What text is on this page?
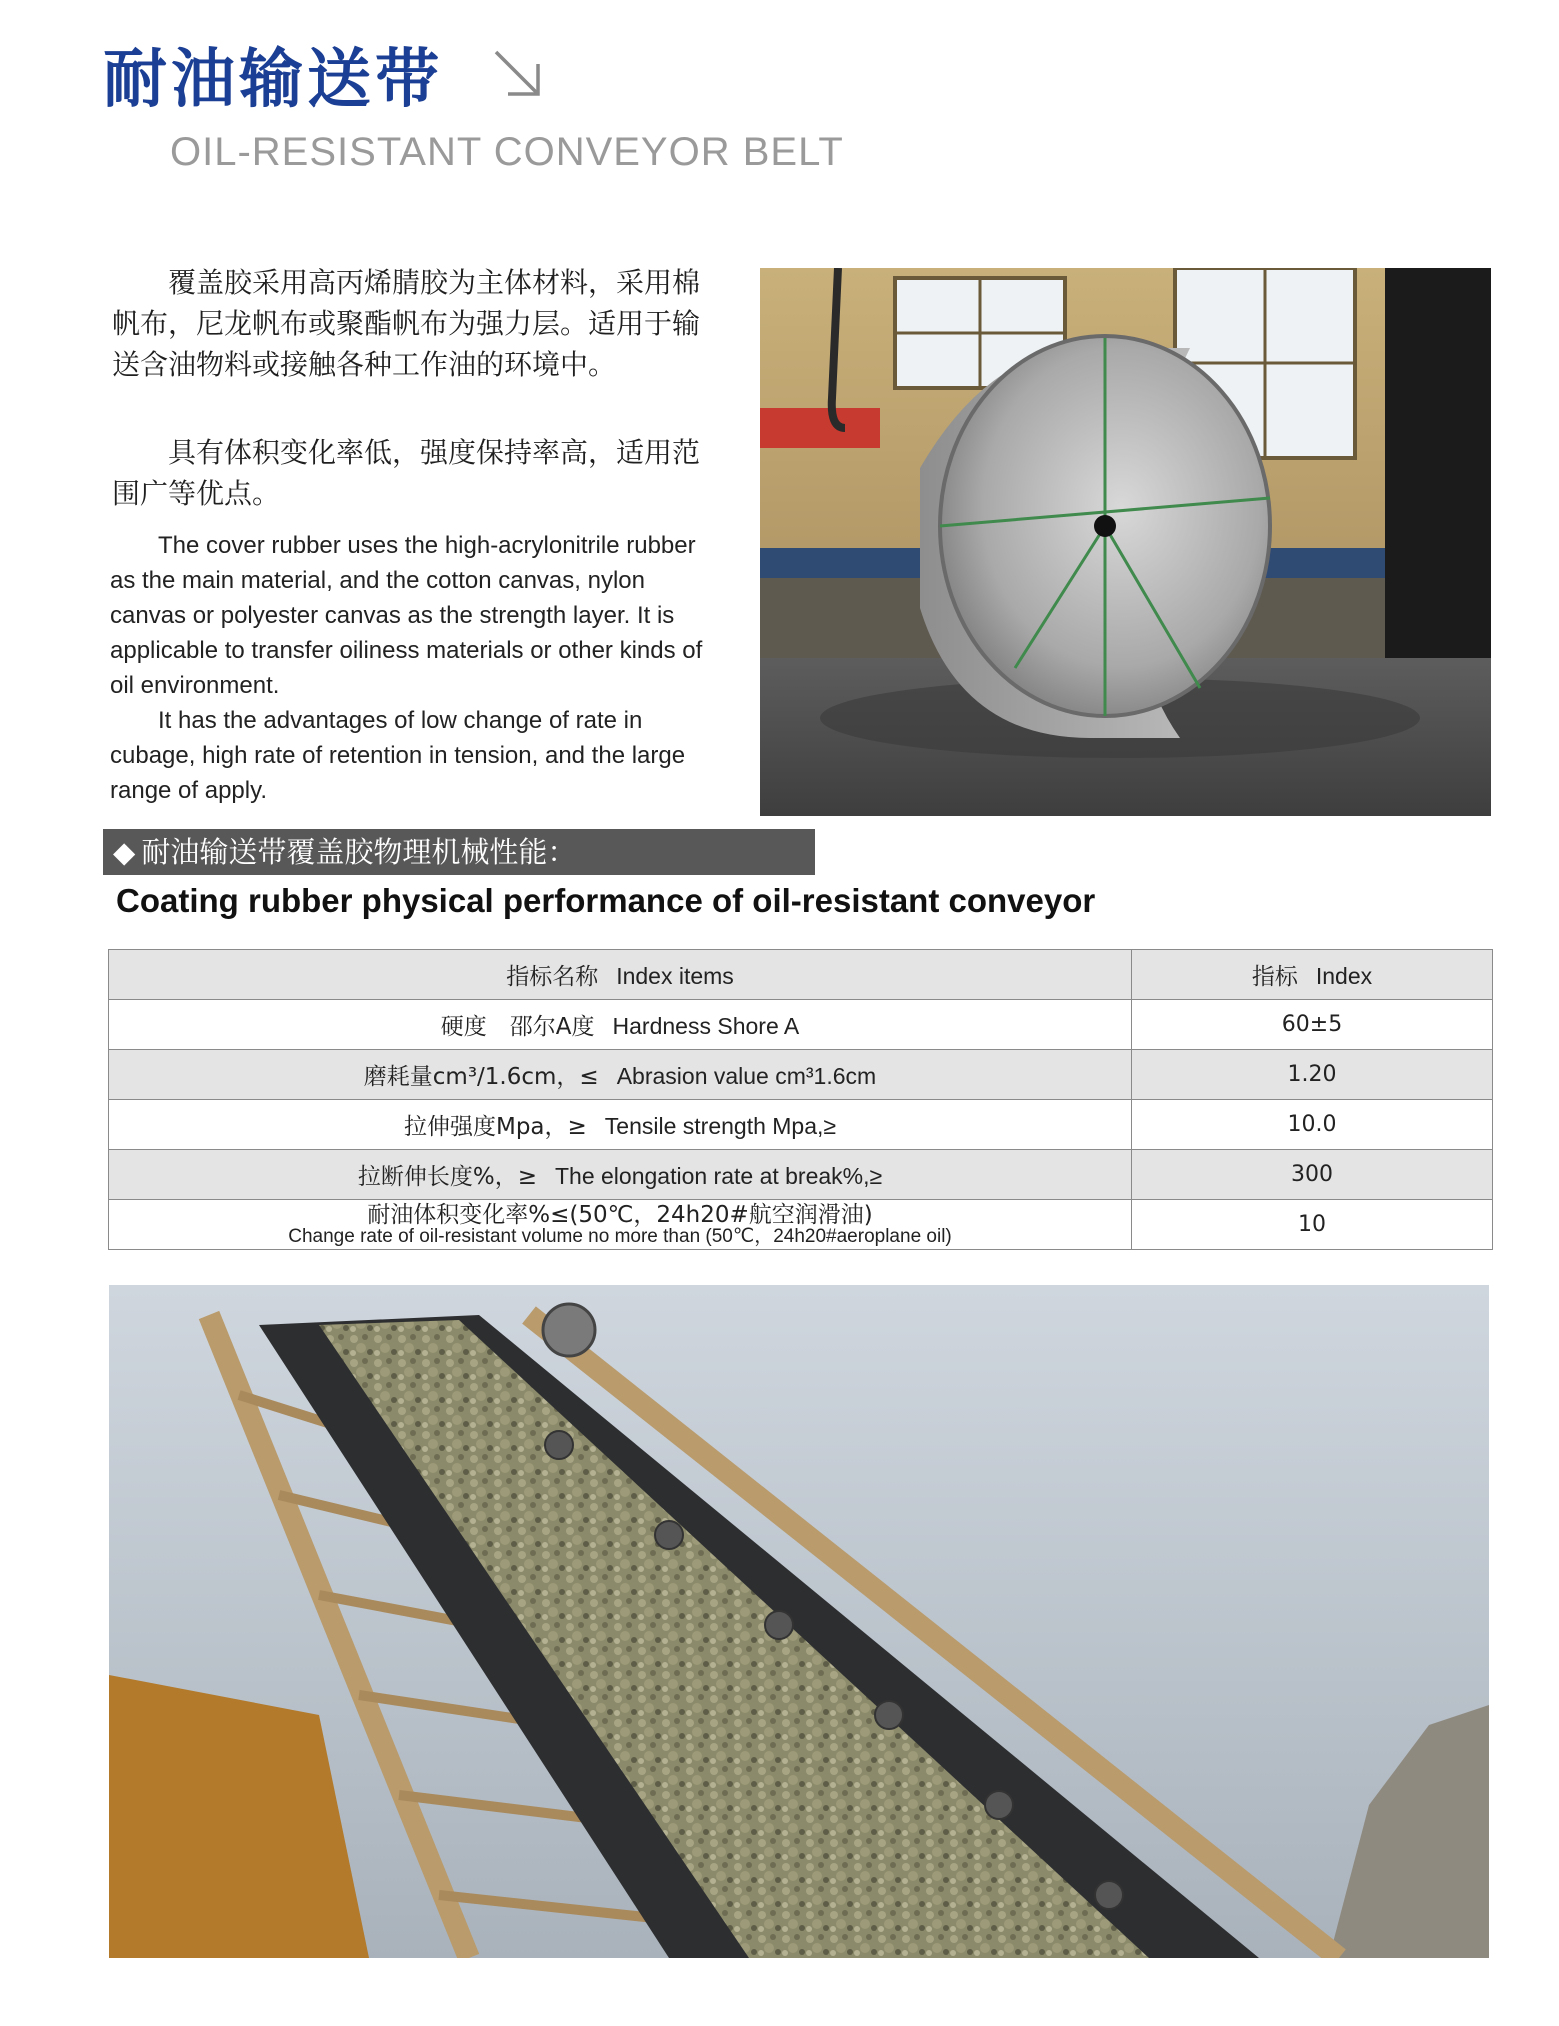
耐油输送带
OIL-RESISTANT CONVEYOR BELT

覆盖胶采用高丙烯腈胶为主体材料，采用棉帆布，尼龙帆布或聚酯帆布为强力层。适用于输送含油物料或接触各种工作油的环境中。

具有体积变化率低，强度保持率高，适用范围广等优点。

The cover rubber uses the high-acrylonitrile rubber as the main material, and the cotton canvas, nylon canvas or polyester canvas as the strength layer. It is applicable to transfer oiliness materials or other kinds of oil environment.

It has the advantages of low change of rate in cubage, high rate of retention in tension, and the large range of apply.

◆ 耐油输送带覆盖胶物理机械性能：
Coating rubber physical performance of oil-resistant conveyor
指标名称 Index items	指标 Index
硬度　邵尔A度 Hardness Shore A	60±5
磨耗量cm³/1.6cm，≤ Abrasion value cm³1.6cm	1.20
拉伸强度Mpa，≥ Tensile strength Mpa,≥	10.0
拉断伸长度%，≥ The elongation rate at break%,≥	300

耐油体积变化率%≤(50℃，24h20#航空润滑油)
Change rate of oil-resistant volume no more than (50℃，24h20#aeroplane oil)	10
